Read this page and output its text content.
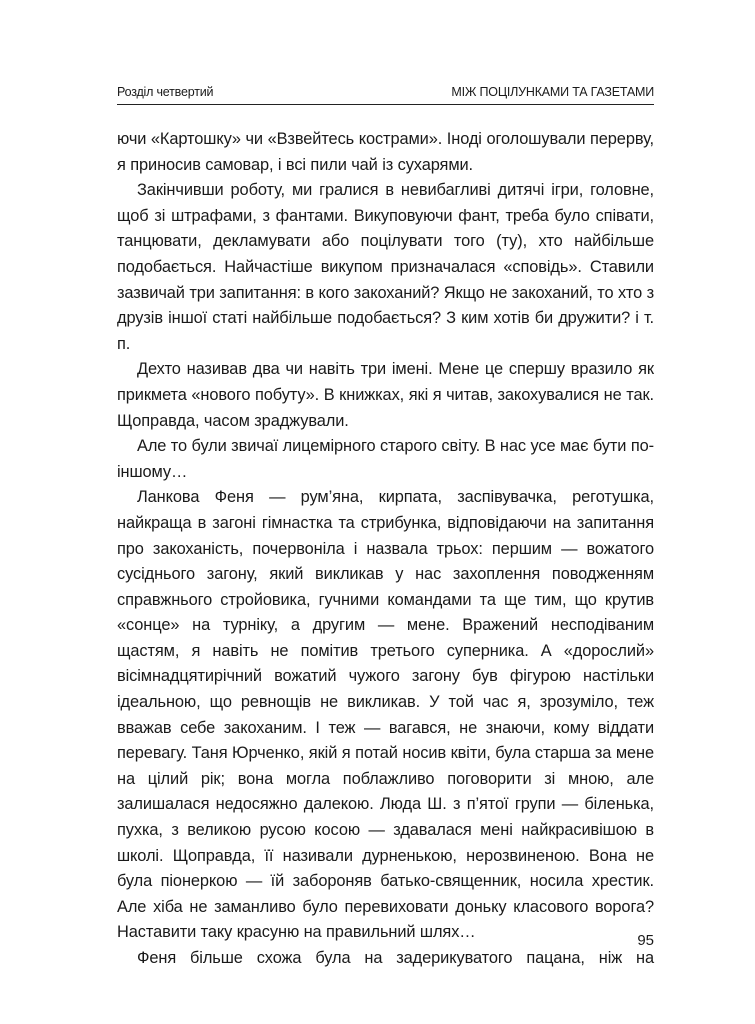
Розділ четвертий	МІЖ ПОЦІЛУНКАМИ ТА ГАЗЕТАМИ

ючи «Картошку» чи «Взвейтесь кострами». Іноді оголошували перерву, я приносив самовар, і всі пили чай із сухарями.

Закінчивши роботу, ми гралися в невибагливі дитячі ігри, головне, щоб зі штрафами, з фантами. Викуповуючи фант, треба було співати, танцювати, декламувати або поцілувати того (ту), хто найбільше подобається. Найчастіше викупом призначалася «сповідь». Ставили зазвичай три запитання: в кого закоханий? Якщо не закоханий, то хто з друзів іншої статі найбільше подобається? З ким хотів би дружити? і т. п.

Дехто називав два чи навіть три імені. Мене це спершу вразило як прикмета «нового побуту». В книжках, які я читав, закохувалися не так. Щоправда, часом зраджували.

Але то були звичаї лицемірного старого світу. В нас усе має бути по-іншому…

Ланкова Феня — рум’яна, кирпата, заспівувачка, реготушка, найкраща в загоні гімнастка та стрибунка, відповідаючи на запитання про закоханість, почервоніла і назвала трьох: першим — вожатого сусіднього загону, який викликав у нас захоплення поводженням справжнього стройовика, гучними командами та ще тим, що крутив «сонце» на турніку, а другим — мене. Вражений несподіваним щастям, я навіть не помітив третього суперника. А «дорослий» вісімнадцятирічний вожатий чужого загону був фігурою настільки ідеальною, що ревнощів не викликав. У той час я, зрозуміло, теж вважав себе закоханим. І теж — вагався, не знаючи, кому віддати перевагу. Таня Юрченко, якій я потай носив квіти, була старша за мене на цілий рік; вона могла поблажливо поговорити зі мною, але залишалася недосяжно далекою. Люда Ш. з п’ятої групи — біленька, пухка, з великою русою косою — здавалася мені найкрасивішою в школі. Щоправда, її називали дурненькою, нерозвиненою. Вона не була піонеркою — їй забороняв батько-священник, носила хрестик. Але хіба не заманливо було перевиховати доньку класового ворога? Наставити таку красуню на правильний шлях…

Феня більше схожа була на задерикуватого пацана, ніж на

95
